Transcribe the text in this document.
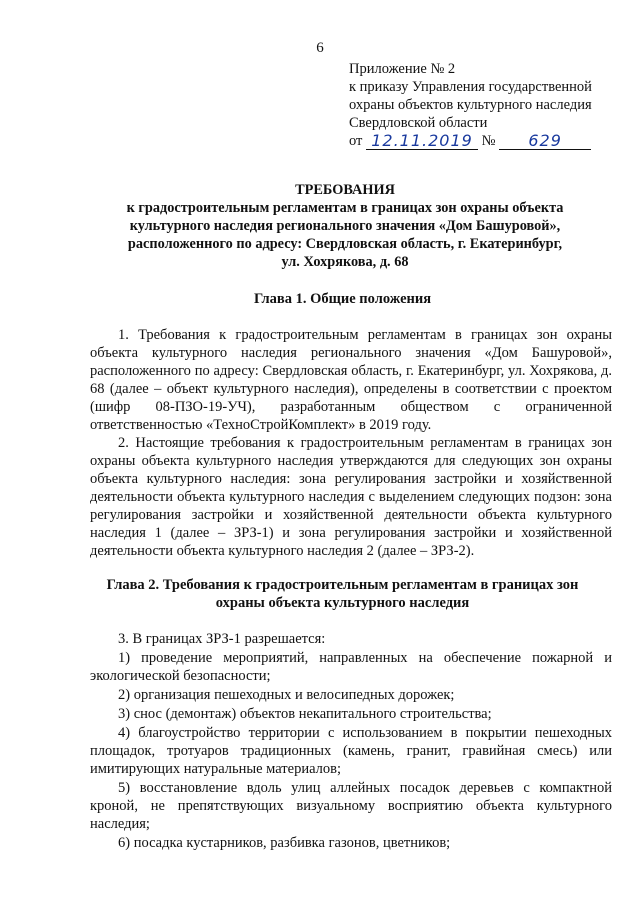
6
Приложение № 2
к приказу Управления государственной
охраны объектов культурного наследия
Свердловской области
от 12.11.2019 № 629
ТРЕБОВАНИЯ
к градостроительным регламентам в границах зон охраны объекта
культурного наследия регионального значения «Дом Башуровой»,
расположенного по адресу: Свердловская область, г. Екатеринбург,
ул. Хохрякова, д. 68
Глава 1. Общие положения

1. Требования к градостроительным регламентам в границах зон охраны объекта культурного наследия регионального значения «Дом Башуровой», расположенного по адресу: Свердловская область, г. Екатеринбург, ул. Хохрякова, д. 68 (далее – объект культурного наследия), определены в соответствии с проектом (шифр 08-ПЗО-19-УЧ), разработанным обществом с ограниченной ответственностью «ТехноСтройКомплект» в 2019 году.

2. Настоящие требования к градостроительным регламентам в границах зон охраны объекта культурного наследия утверждаются для следующих зон охраны объекта культурного наследия: зона регулирования застройки и хозяйственной деятельности объекта культурного наследия с выделением следующих подзон: зона регулирования застройки и хозяйственной деятельности объекта культурного наследия 1 (далее – ЗРЗ-1) и зона регулирования застройки и хозяйственной деятельности объекта культурного наследия 2 (далее – ЗРЗ-2).

Глава 2. Требования к градостроительным регламентам в границах зон
охраны объекта культурного наследия

3. В границах ЗРЗ-1 разрешается:

1) проведение мероприятий, направленных на обеспечение пожарной и экологической безопасности;

2) организация пешеходных и велосипедных дорожек;

3) снос (демонтаж) объектов некапитального строительства;

4) благоустройство территории с использованием в покрытии пешеходных площадок, тротуаров традиционных (камень, гранит, гравийная смесь) или имитирующих натуральные материалов;

5) восстановление вдоль улиц аллейных посадок деревьев с компактной кроной, не препятствующих визуальному восприятию объекта культурного наследия;

6) посадка кустарников, разбивка газонов, цветников;
